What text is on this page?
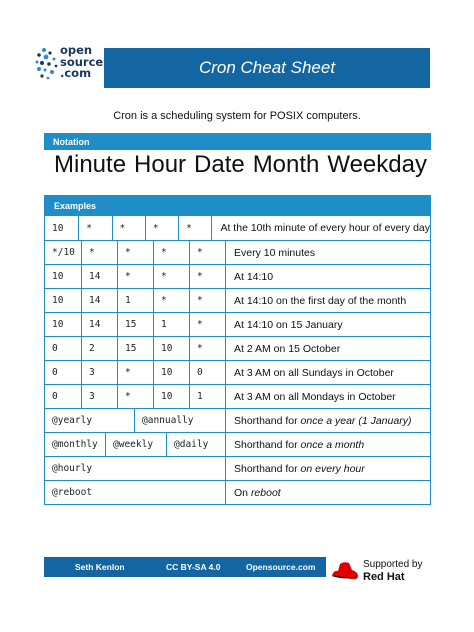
open
source
.com	Cron Cheat Sheet
Cron is a scheduling system for POSIX computers.
Notation
Minute Hour Date Month Weekday
Examples
10	*	*	*	*	At the 10th minute of every hour of every day
*/10	*	*	*	*	Every 10 minutes
10	14	*	*	*	At 14:10
10	14	1	*	*	At 14:10 on the first day of the month
10	14	15	1	*	At 14:10 on 15 January
0	2	15	10	*	At 2 AM on 15 October
0	3	*	10	0	At 3 AM on all Sundays in October
0	3	*	10	1	At 3 AM on all Mondays in October
@yearly	@annually	Shorthand for once a year (1 January)
@monthly	@weekly	@daily	Shorthand for once a month
@hourly	Shorthand for on every hour
@reboot	On reboot
Seth Kenlon	CC BY-SA 4.0	Opensource.com	Supported by
Red Hat
